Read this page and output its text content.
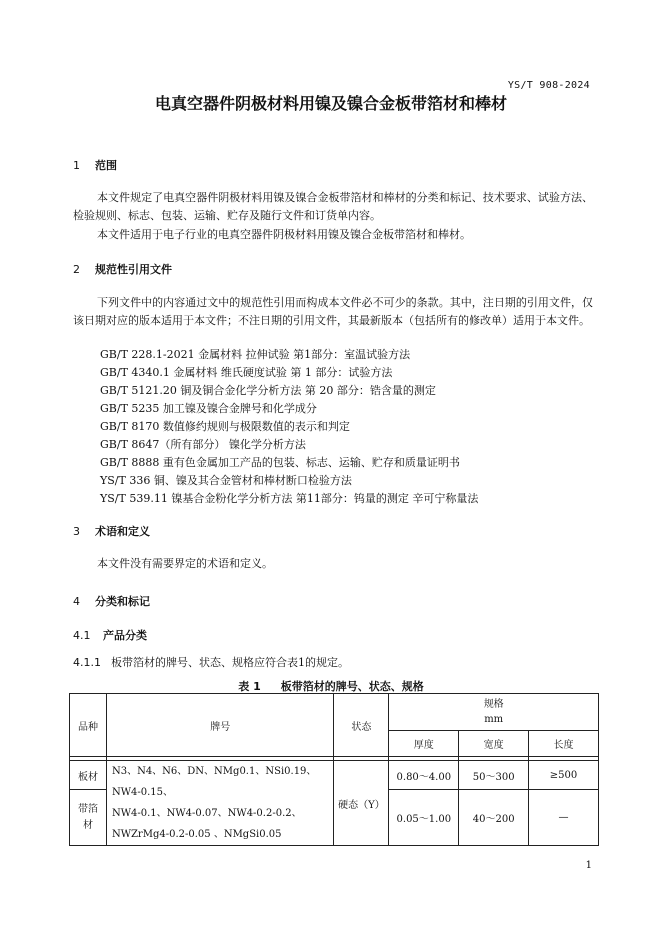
YS/T 908-2024
电真空器件阴极材料用镍及镍合金板带箔材和棒材
1 范围
本文件规定了电真空器件阴极材料用镍及镍合金板带箔材和棒材的分类和标记、技术要求、试验方法、检验规则、标志、包装、运输、贮存及随行文件和订货单内容。
本文件适用于电子行业的电真空器件阴极材料用镍及镍合金板带箔材和棒材。
2 规范性引用文件
下列文件中的内容通过文中的规范性引用而构成本文件必不可少的条款。其中，注日期的引用文件，仅该日期对应的版本适用于本文件；不注日期的引用文件，其最新版本（包括所有的修改单）适用于本文件。
GB/T 228.1-2021 金属材料 拉伸试验 第1部分：室温试验方法
GB/T 4340.1 金属材料 维氏硬度试验 第 1 部分：试验方法
GB/T 5121.20 铜及铜合金化学分析方法 第 20 部分：锆含量的测定
GB/T 5235 加工镍及镍合金牌号和化学成分
GB/T 8170 数值修约规则与极限数值的表示和判定
GB/T 8647（所有部分） 镍化学分析方法
GB/T 8888 重有色金属加工产品的包装、标志、运输、贮存和质量证明书
YS/T 336 铜、镍及其合金管材和棒材断口检验方法
YS/T 539.11 镍基合金粉化学分析方法 第11部分：钨量的测定 辛可宁称量法
3 术语和定义
本文件没有需要界定的术语和定义。
4 分类和标记
4.1 产品分类
4.1.1 板带箔材的牌号、状态、规格应符合表1的规定。
表 1 板带箔材的牌号、状态、规格
品种	牌号	状态	规格
mm		

			厚度	宽度	长度

板材	N3、N4、N6、DN、NMg0.1、NSi0.19、NW4-0.15、
NW4-0.1、NW4-0.07、NW4-0.2-0.2、
NWZrMg4-0.2-0.05 、NMgSi0.05	硬态（Y）	0.80～4.00	50～300	≥500
带箔材			0.05～1.00	40～200	—
1
